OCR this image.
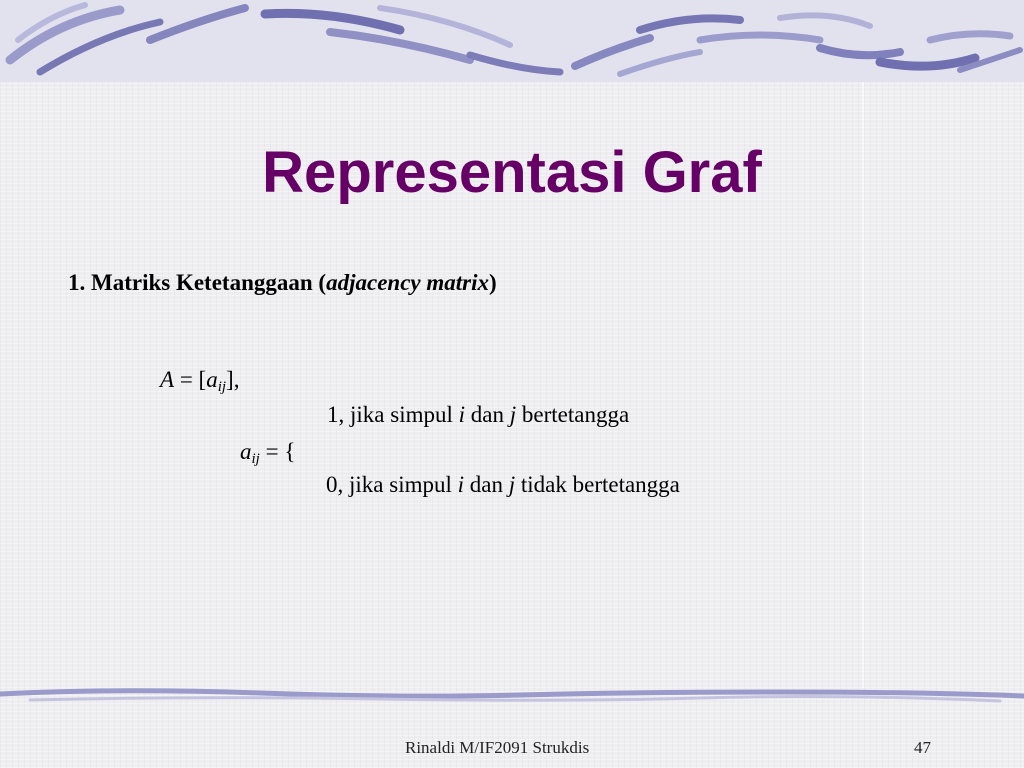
Representasi Graf
1. Matriks Ketetanggaan (adjacency matrix)
$A = [a_{ij}]$,
1, jika simpul i dan j bertetangga
$a_{ij}$ = {
0, jika simpul i dan j tidak bertetangga
Rinaldi M/IF2091 Strukdis	47
